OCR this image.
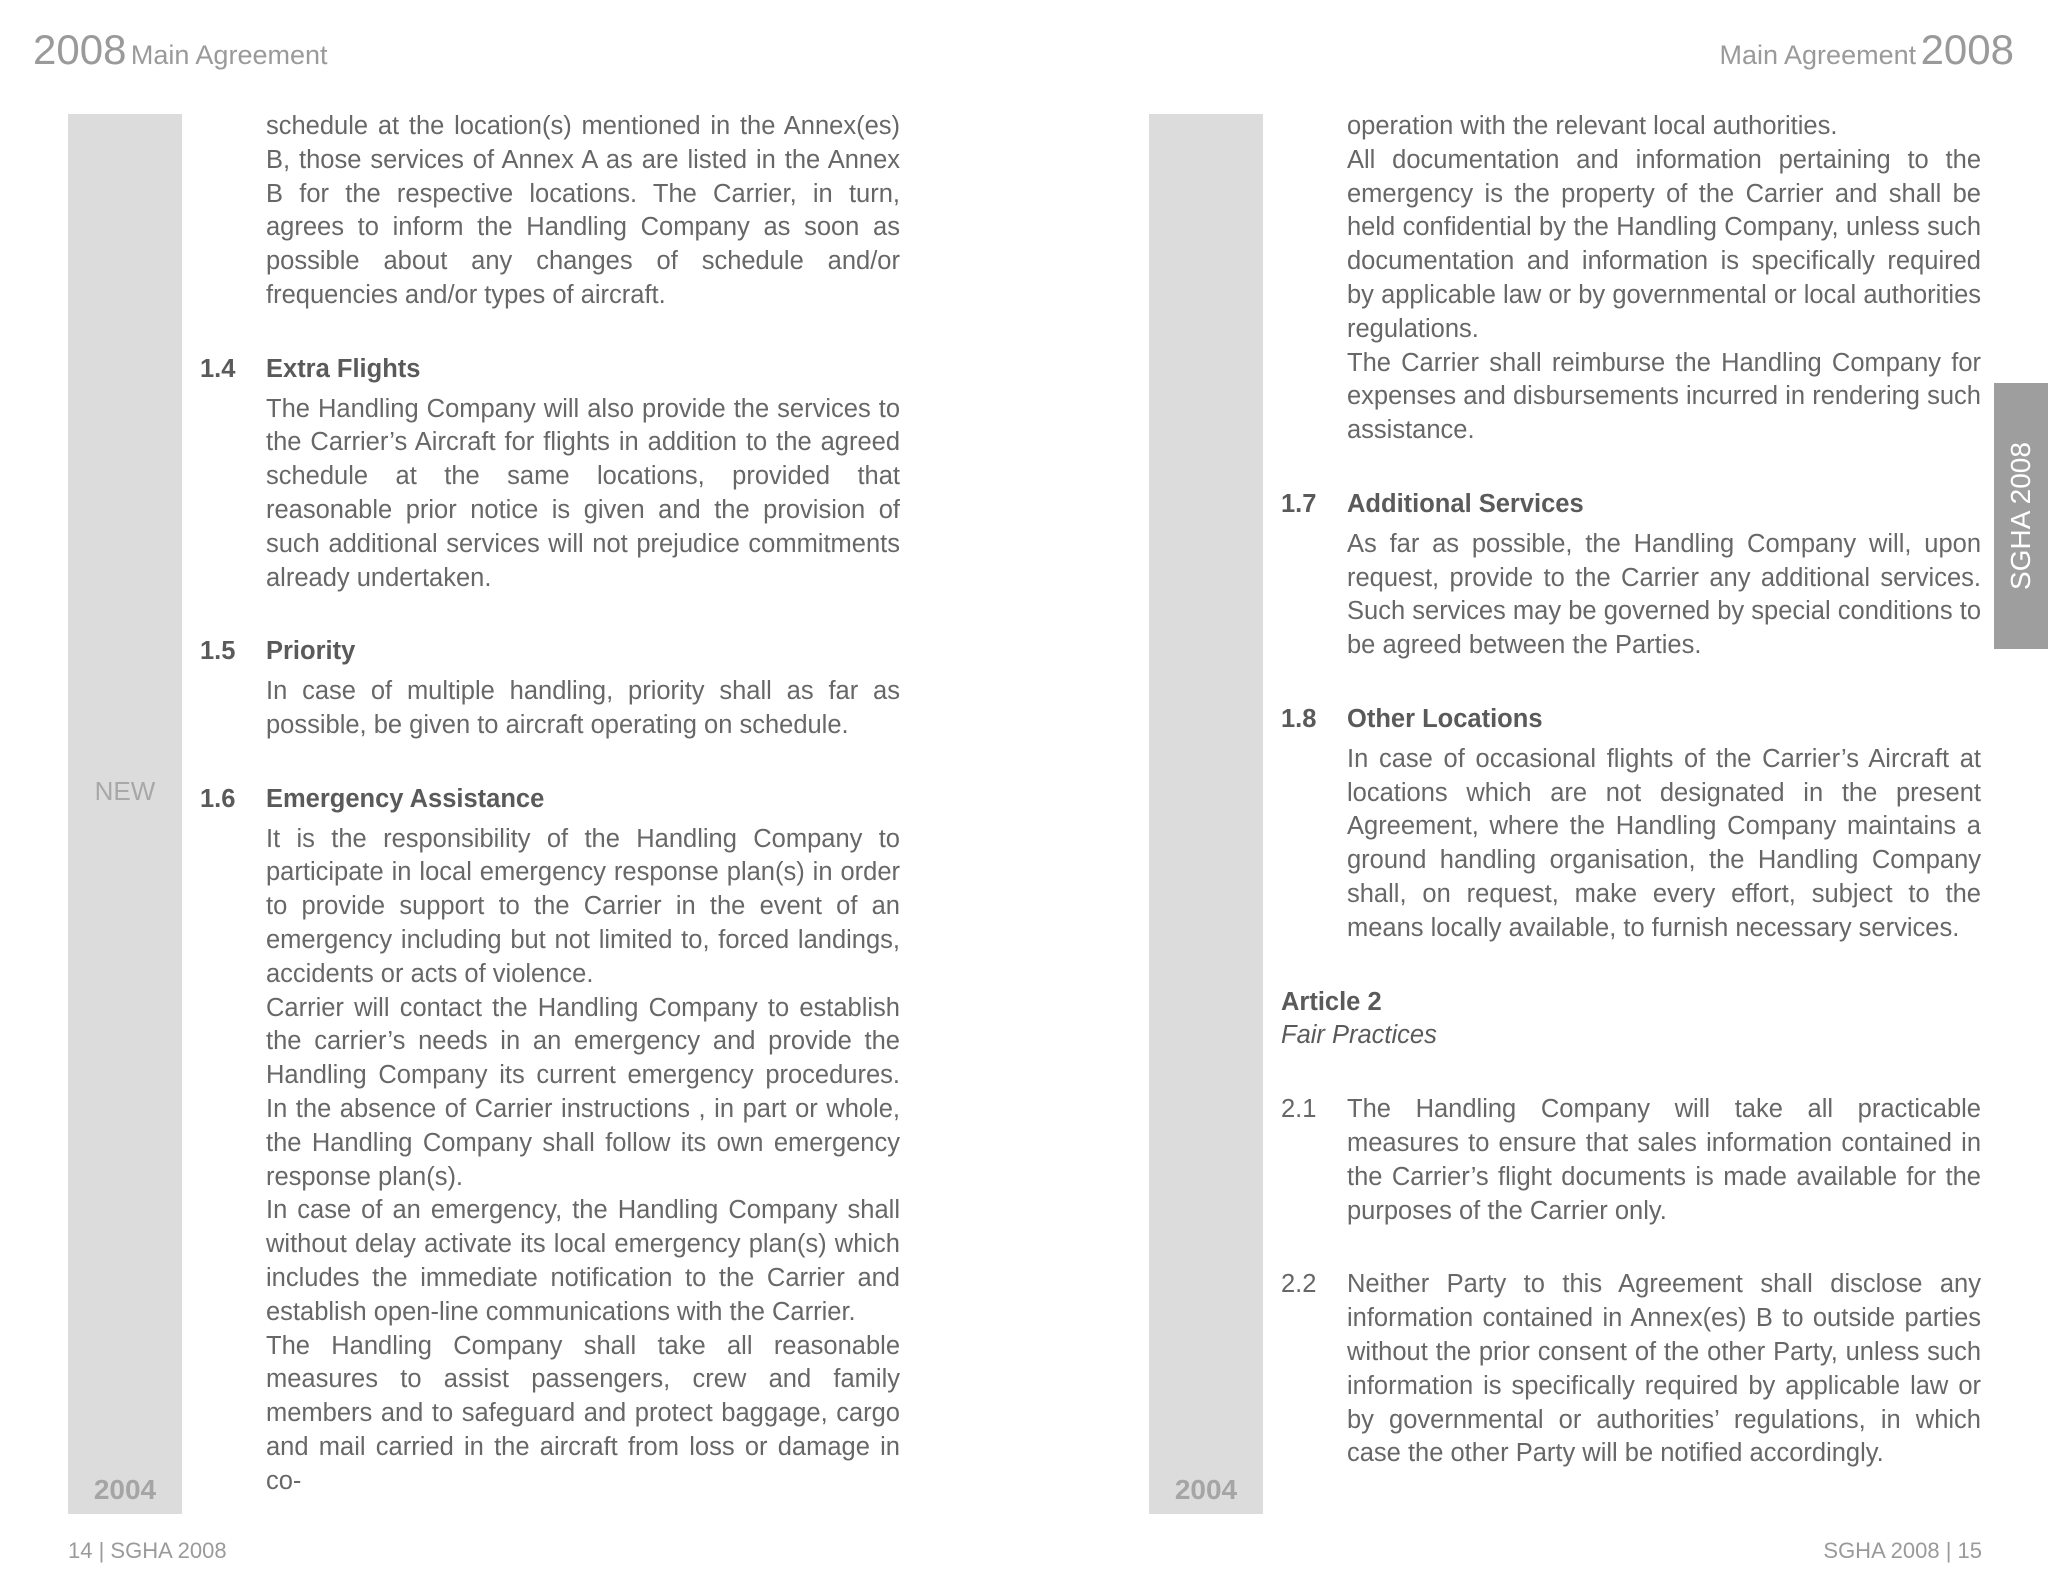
2008 Main Agreement	Main Agreement 2008
2004	2004
NEW
SGHA 2008
schedule at the location(s) mentioned in the Annex(es) B, those services of Annex A as are listed in the Annex B for the respective locations. The Carrier, in turn, agrees to inform the Handling Company as soon as possible about any changes of schedule and/or frequencies and/or types of aircraft.
1.4	Extra Flights
The Handling Company will also provide the services to the Carrier’s Aircraft for flights in addition to the agreed schedule at the same locations, provided that reasonable prior notice is given and the provision of such additional services will not prejudice commitments already undertaken.
1.5	Priority
In case of multiple handling, priority shall as far as possible, be given to aircraft operating on schedule.
1.6	Emergency Assistance
It is the responsibility of the Handling Company to participate in local emergency response plan(s) in order to provide support to the Carrier in the event of an emergency including but not limited to, forced landings, accidents or acts of violence.
Carrier will contact the Handling Company to establish the carrier’s needs in an emergency and provide the Handling Company its current emergency procedures. In the absence of Carrier instructions , in part or whole, the Handling Company shall follow its own emergency response plan(s).
In case of an emergency, the Handling Company shall without delay activate its local emergency plan(s) which includes the immediate notification to the Carrier and establish open-line communications with the Carrier.
The Handling Company shall take all reasonable measures to assist passengers, crew and family members and to safeguard and protect baggage, cargo and mail carried in the aircraft from loss or damage in co-
operation with the relevant local authorities.
All documentation and information pertaining to the emergency is the property of the Carrier and shall be held confidential by the Handling Company, unless such documentation and information is specifically required by applicable law or by governmental or local authorities regulations.
The Carrier shall reimburse the Handling Company for expenses and disbursements incurred in rendering such assistance.
1.7	Additional Services
As far as possible, the Handling Company will, upon request, provide to the Carrier any additional services. Such services may be governed by special conditions to be agreed between the Parties.
1.8	Other Locations
In case of occasional flights of the Carrier’s Aircraft at locations which are not designated in the present Agreement, where the Handling Company maintains a ground handling organisation, the Handling Company shall, on request, make every effort, subject to the means locally available, to furnish necessary services.
Article 2
Fair Practices
2.1	The Handling Company will take all practicable measures to ensure that sales information contained in the Carrier’s flight documents is made available for the purposes of the Carrier only.
2.2	Neither Party to this Agreement shall disclose any information contained in Annex(es) B to outside parties without the prior consent of the other Party, unless such information is specifically required by applicable law or by governmental or authorities’ regulations, in which case the other Party will be notified accordingly.
14 | SGHA 2008	SGHA 2008 | 15
